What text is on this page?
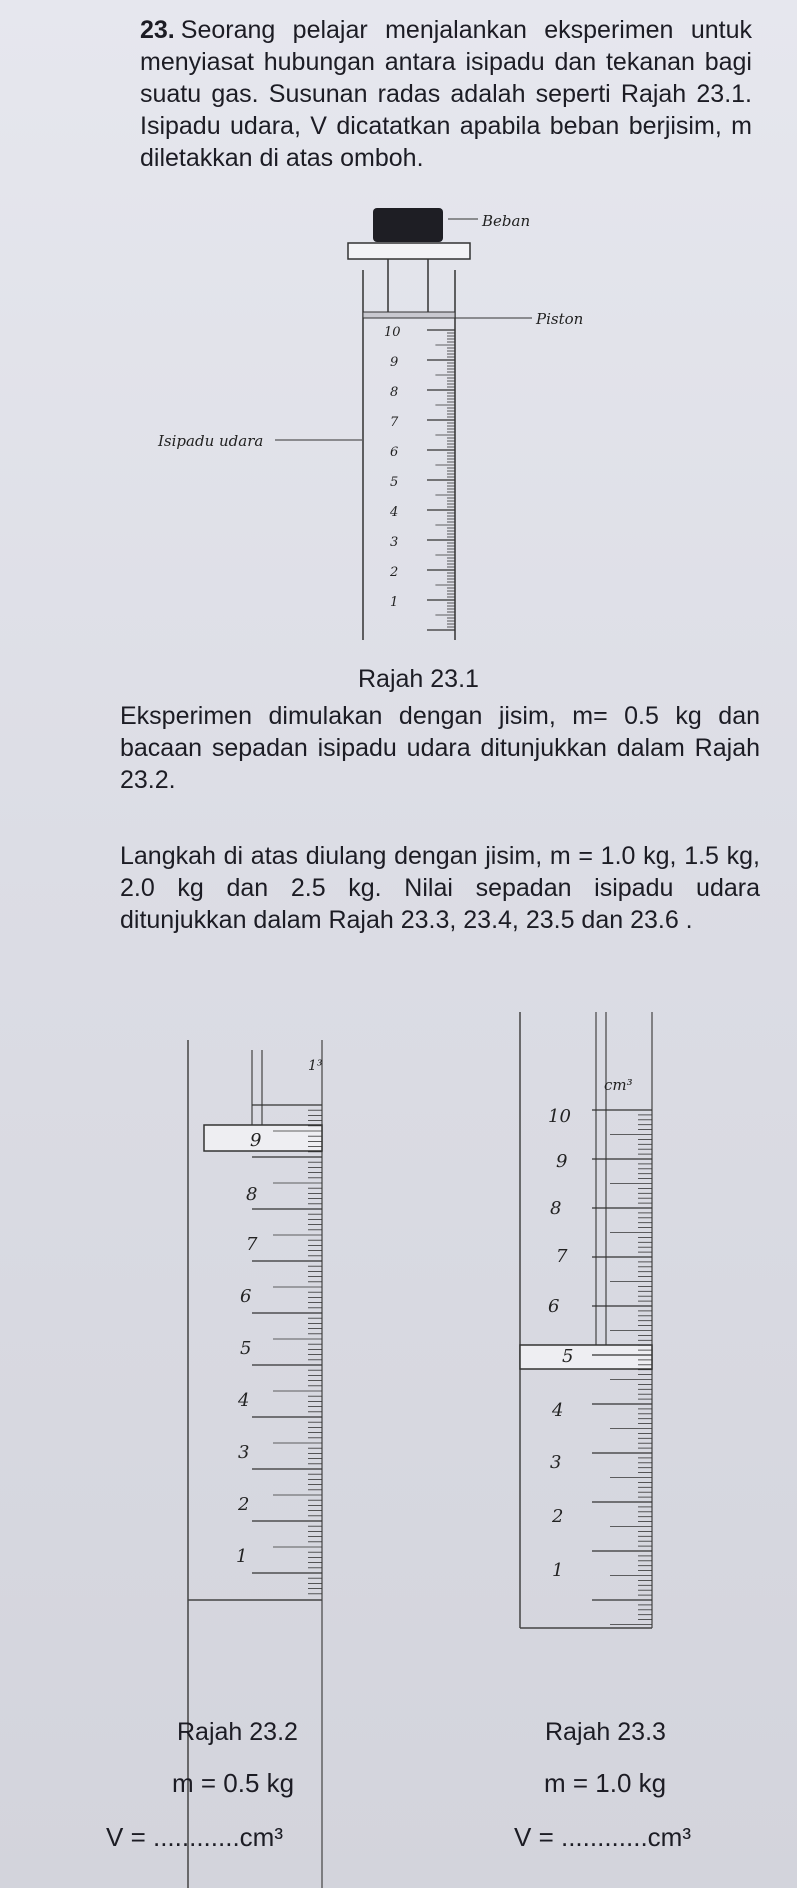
23. Seorang pelajar menjalankan eksperimen untuk menyiasat hubungan antara isipadu dan tekanan bagi suatu gas. Susunan radas adalah seperti Rajah 23.1. Isipadu udara, V dicatatkan apabila beban berjisim, m diletakkan di atas omboh.
10
9
8
7
6
5
4
3
2
1
Beban
Piston
Isipadu udara
Rajah 23.1
Eksperimen dimulakan dengan jisim, m= 0.5 kg dan bacaan sepadan isipadu udara ditunjukkan dalam Rajah 23.2.
Langkah di atas diulang dengan jisim, m = 1.0 kg, 1.5 kg, 2.0 kg dan 2.5 kg. Nilai sepadan isipadu udara ditunjukkan dalam Rajah 23.3, 23.4, 23.5 dan 23.6 .
1³
9
8
7
6
5
4
3
2
1
cm³
10
9
8
7
6
5
4
3
2
1
Rajah 23.2	Rajah 23.3
m = 0.5 kg	m = 1.0 kg
V = ............cm³	V = ............cm³
